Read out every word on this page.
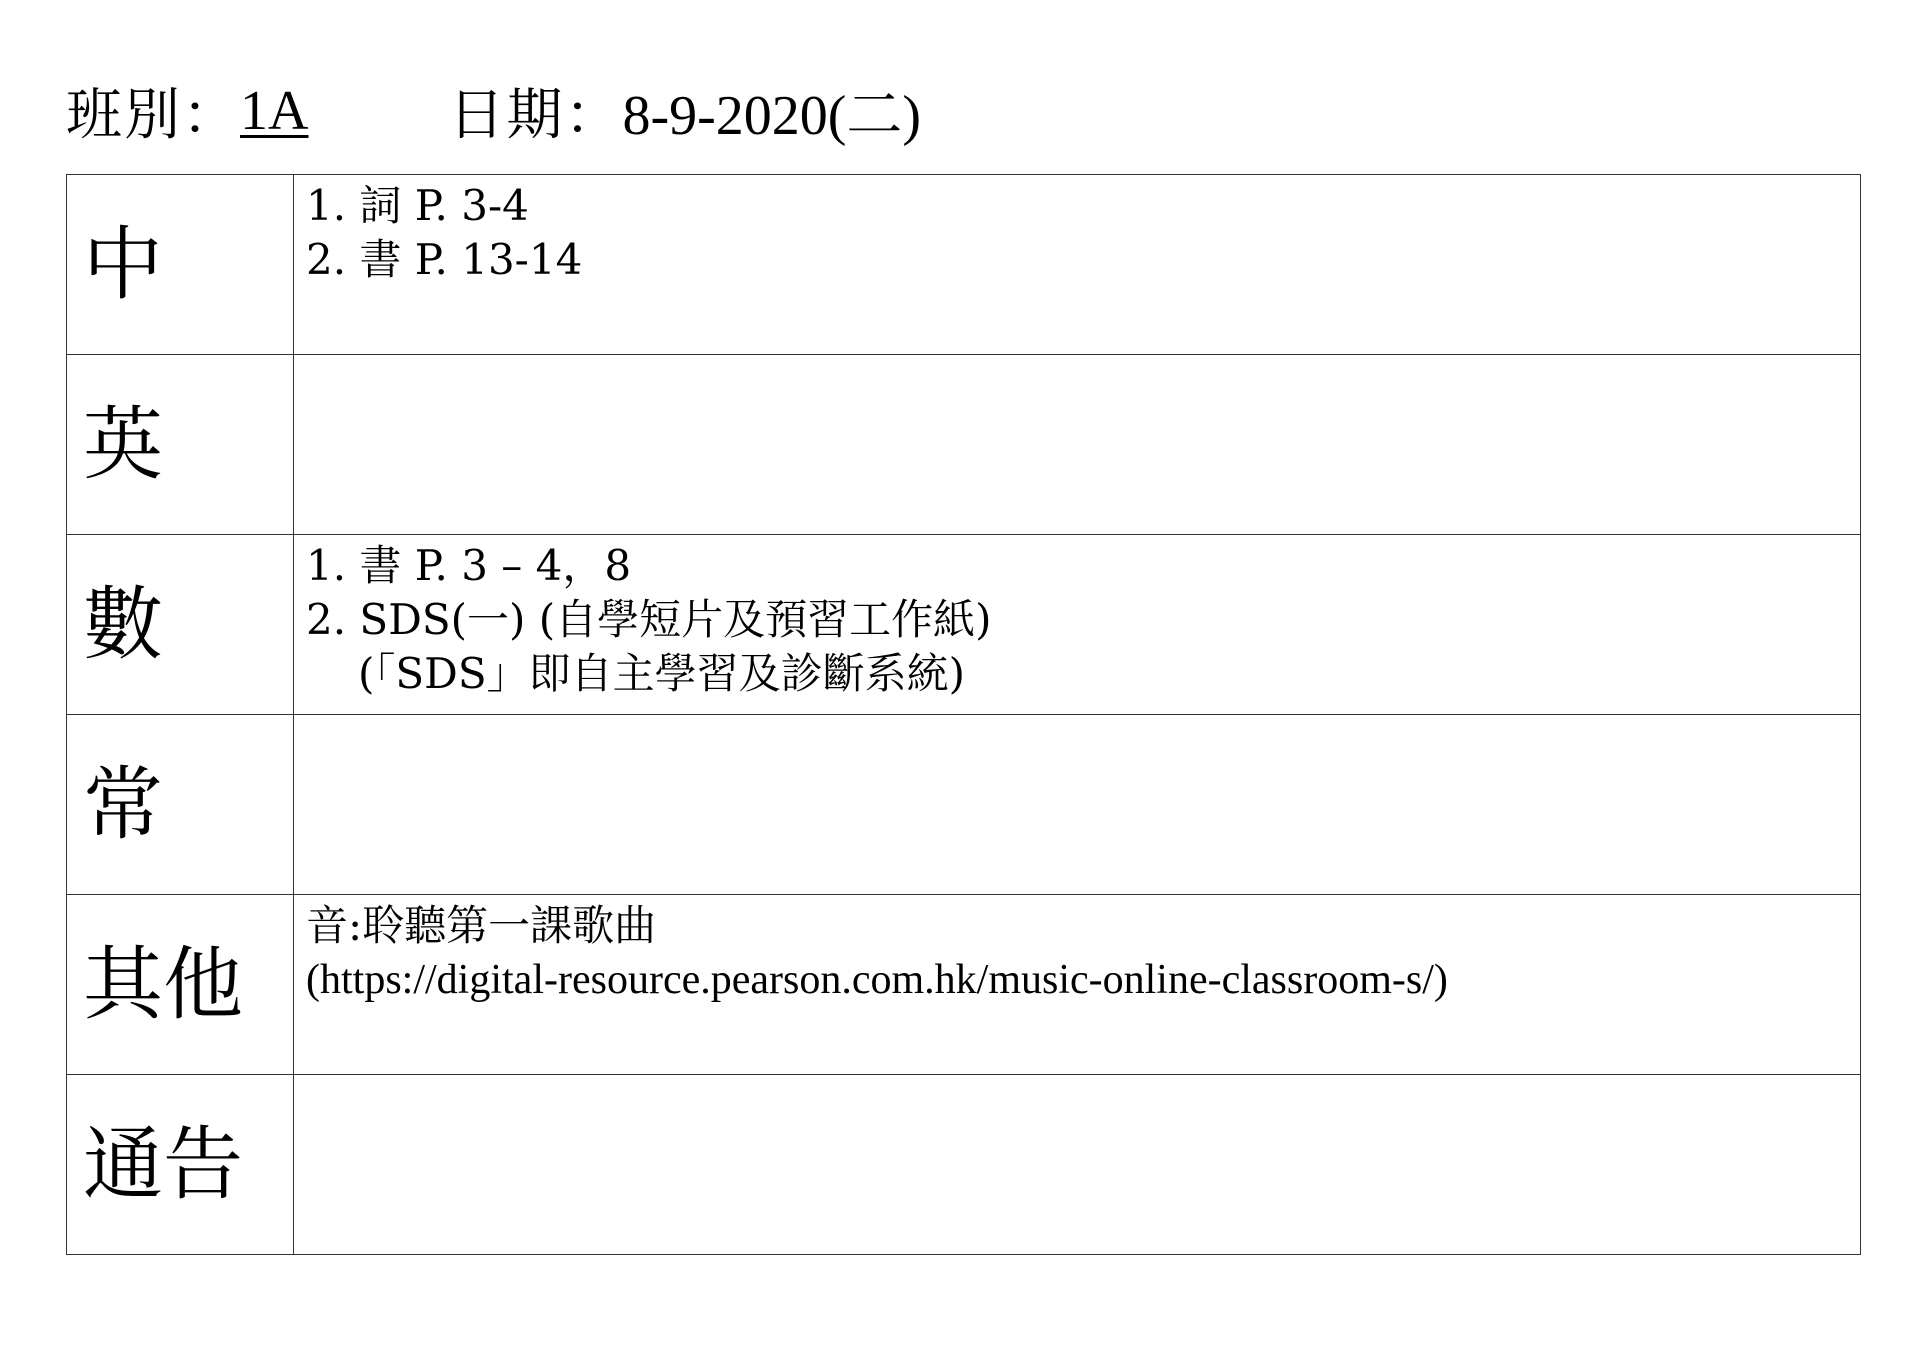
班別： 1A	日期： 8-9-2020(二)
中	1. 詞 P. 3-4
2. 書 P. 13-14

英	
數	1. 書 P. 3 – 4，8
2. SDS(一) (自學短片及預習工作紙)
(「SDS」即自主學習及診斷系統)

常	
其他	音:聆聽第一課歌曲
(https://digital-resource.pearson.com.hk/music-online-classroom-s/)

通告	
